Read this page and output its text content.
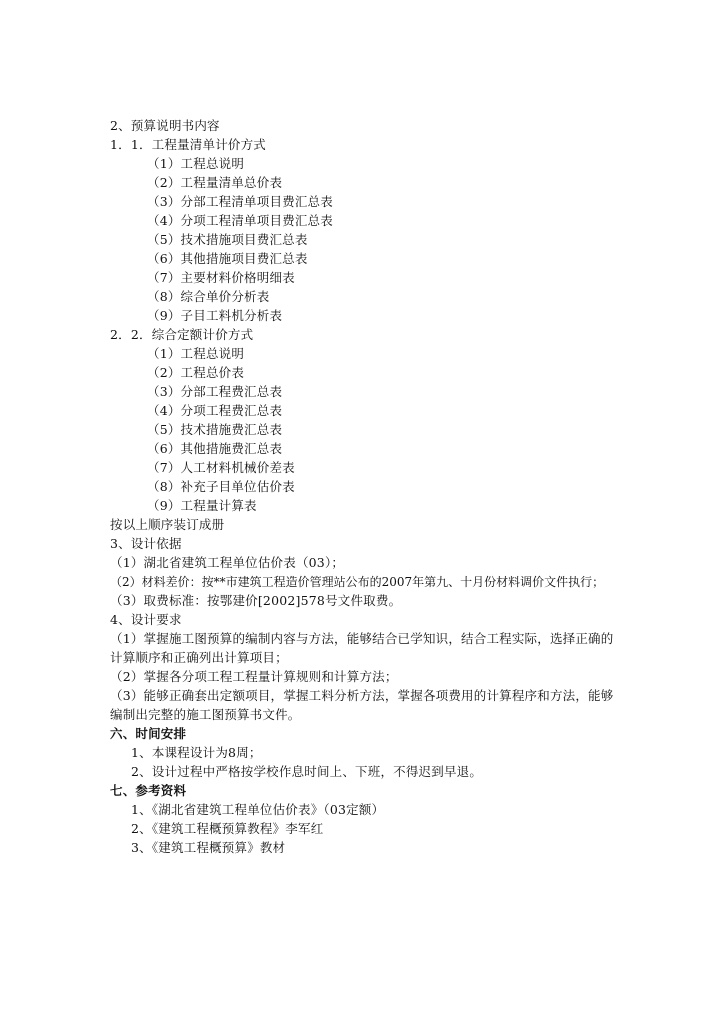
2、预算说明书内容
1．1．工程量清单计价方式
（1）工程总说明
（2）工程量清单总价表
（3）分部工程清单项目费汇总表
（4）分项工程清单项目费汇总表
（5）技术措施项目费汇总表
（6）其他措施项目费汇总表
（7）主要材料价格明细表
（8）综合单价分析表
（9）子目工料机分析表
2．2．综合定额计价方式
（1）工程总说明
（2）工程总价表
（3）分部工程费汇总表
（4）分项工程费汇总表
（5）技术措施费汇总表
（6）其他措施费汇总表
（7）人工材料机械价差表
（8）补充子目单位估价表
（9）工程量计算表
按以上顺序装订成册
3、设计依据
（1）湖北省建筑工程单位估价表（03）；
（2）材料差价：按**市建筑工程造价管理站公布的2007年第九、十月份材料调价文件执行；
（3）取费标准：按鄂建价[2002]578号文件取费。
4、设计要求
（1）掌握施工图预算的编制内容与方法，能够结合已学知识，结合工程实际，选择正确的
计算顺序和正确列出计算项目；
（2）掌握各分项工程工程量计算规则和计算方法；
（3）能够正确套出定额项目，掌握工料分析方法，掌握各项费用的计算程序和方法，能够
编制出完整的施工图预算书文件。
六、时间安排
1、本课程设计为8周；
2、设计过程中严格按学校作息时间上、下班，不得迟到早退。
七、参考资料
1、《湖北省建筑工程单位估价表》（03定额）
2、《建筑工程概预算教程》李军红
3、《建筑工程概预算》教材
